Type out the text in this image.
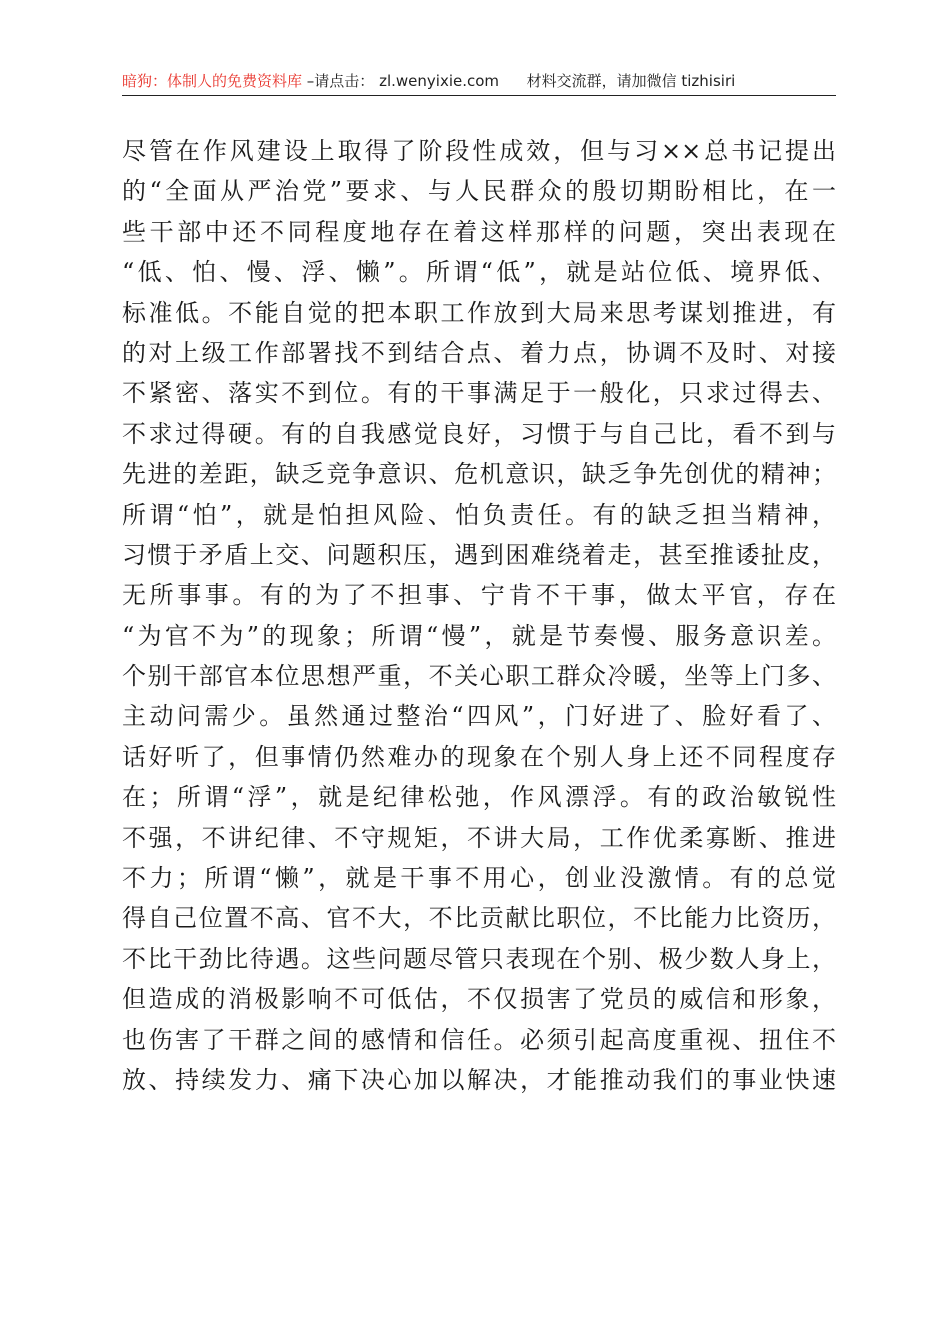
暗狗：体制人的免费资料库 –请点击： zl.wenyixie.com 材料交流群，请加微信 tizhisiri
尽管在作风建设上取得了阶段性成效，但与习××总书记提出
的“全面从严治党”要求、与人民群众的殷切期盼相比，在一
些干部中还不同程度地存在着这样那样的问题，突出表现在
“低、怕、慢、浮、懒”。所谓“低”，就是站位低、境界低、
标准低。不能自觉的把本职工作放到大局来思考谋划推进，有
的对上级工作部署找不到结合点、着力点，协调不及时、对接
不紧密、落实不到位。有的干事满足于一般化，只求过得去、
不求过得硬。有的自我感觉良好，习惯于与自己比，看不到与
先进的差距，缺乏竞争意识、危机意识，缺乏争先创优的精神；
所谓“怕”，就是怕担风险、怕负责任。有的缺乏担当精神，
习惯于矛盾上交、问题积压，遇到困难绕着走，甚至推诿扯皮，
无所事事。有的为了不担事、宁肯不干事，做太平官，存在
“为官不为”的现象；所谓“慢”，就是节奏慢、服务意识差。
个别干部官本位思想严重，不关心职工群众冷暖，坐等上门多、
主动问需少。虽然通过整治“四风”，门好进了、脸好看了、
话好听了，但事情仍然难办的现象在个别人身上还不同程度存
在；所谓“浮”，就是纪律松弛，作风漂浮。有的政治敏锐性
不强，不讲纪律、不守规矩，不讲大局，工作优柔寡断、推进
不力；所谓“懒”，就是干事不用心，创业没激情。有的总觉
得自己位置不高、官不大，不比贡献比职位，不比能力比资历，
不比干劲比待遇。这些问题尽管只表现在个别、极少数人身上，
但造成的消极影响不可低估，不仅损害了党员的威信和形象，
也伤害了干群之间的感情和信任。必须引起高度重视、扭住不
放、持续发力、痛下决心加以解决，才能推动我们的事业快速
